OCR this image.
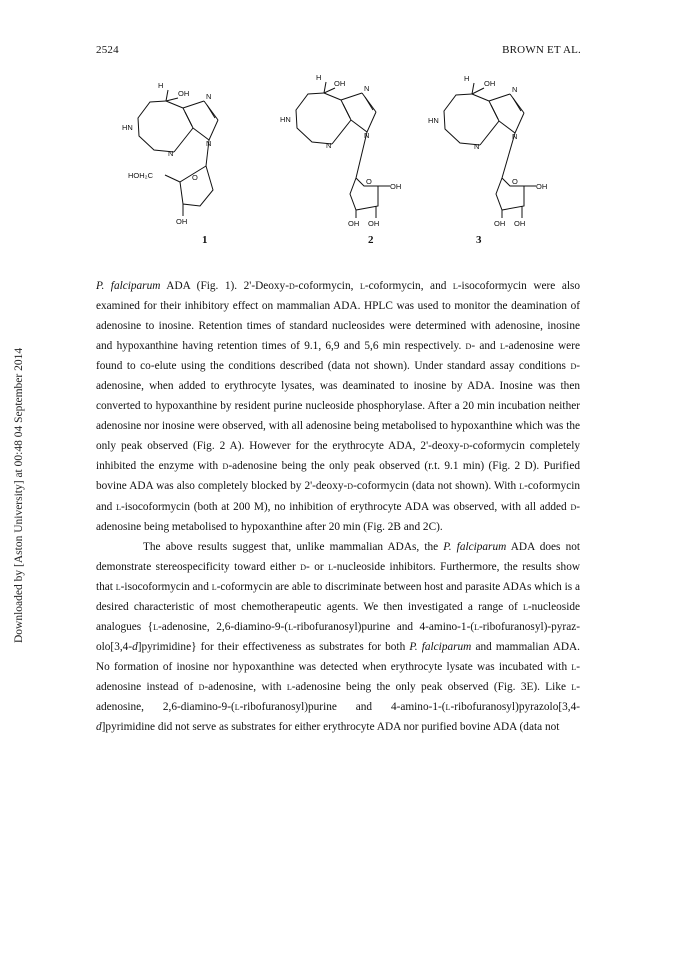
2524	BROWN ET AL.
Downloaded by [Aston University] at 00:48 04 September 2014
H
OH N
HN
N
N
HOH₂C	O
OH
1
H
OH
N
HN
N
N
O
OH
OH OH
2
H
OH
N
HN
N
N
O
OH
OH OH
3

P. falciparum ADA (Fig. 1). 2'-Deoxy-d-coformycin, l-coformycin, and l-isocoformycin were also examined for their inhibitory effect on mammalian ADA. HPLC was used to monitor the deamination of adenosine to inosine. Retention times of standard nucleosides were determined with adenosine, inosine and hypoxanthine having retention times of 9.1, 6,9 and 5,6 min respectively. d- and l-adenosine were found to co-elute using the conditions described (data not shown). Under standard assay conditions d-adenosine, when added to erythrocyte lysates, was deaminated to inosine by ADA. Inosine was then converted to hypoxanthine by resident purine nucleoside phosphorylase. After a 20 min incubation neither adenosine nor inosine were observed, with all adenosine being metabolised to hypoxanthine which was the only peak observed (Fig. 2 A). However for the erythrocyte ADA, 2'-deoxy-d-coformycin completely inhibited the enzyme with d-adenosine being the only peak observed (r.t. 9.1 min) (Fig. 2 D). Purified bovine ADA was also completely blocked by 2'-deoxy-d-coformycin (data not shown). With l-coformycin and l-isocoformycin (both at 200 M), no inhibition of erythrocyte ADA was observed, with all added d-adenosine being metabolised to hypoxanthine after 20 min (Fig. 2B and 2C).

The above results suggest that, unlike mammalian ADAs, the P. falciparum ADA does not demonstrate stereospecificity toward either d- or l-nucleoside inhibitors. Furthermore, the results show that l-isocoformycin and l-coformycin are able to discriminate between host and parasite ADAs which is a desired characteristic of most chemotherapeutic agents. We then investigated a range of l-nucleoside analogues {l-adenosine, 2,6-diamino-9-(l-ribofuranosyl)purine and 4-amino-1-(l-ribofuranosyl)-pyraz-olo[3,4-d]pyrimidine} for their effectiveness as substrates for both P. falciparum and mammalian ADA. No formation of inosine nor hypoxanthine was detected when erythrocyte lysate was incubated with l-adenosine instead of d-adenosine, with l-adenosine being the only peak observed (Fig. 3E). Like l-adenosine, 2,6-diamino-9-(l-ribofuranosyl)purine and 4-amino-1-(l-ribofuranosyl)pyrazolo[3,4-d]pyrimidine did not serve as substrates for either erythrocyte ADA nor purified bovine ADA (data not
